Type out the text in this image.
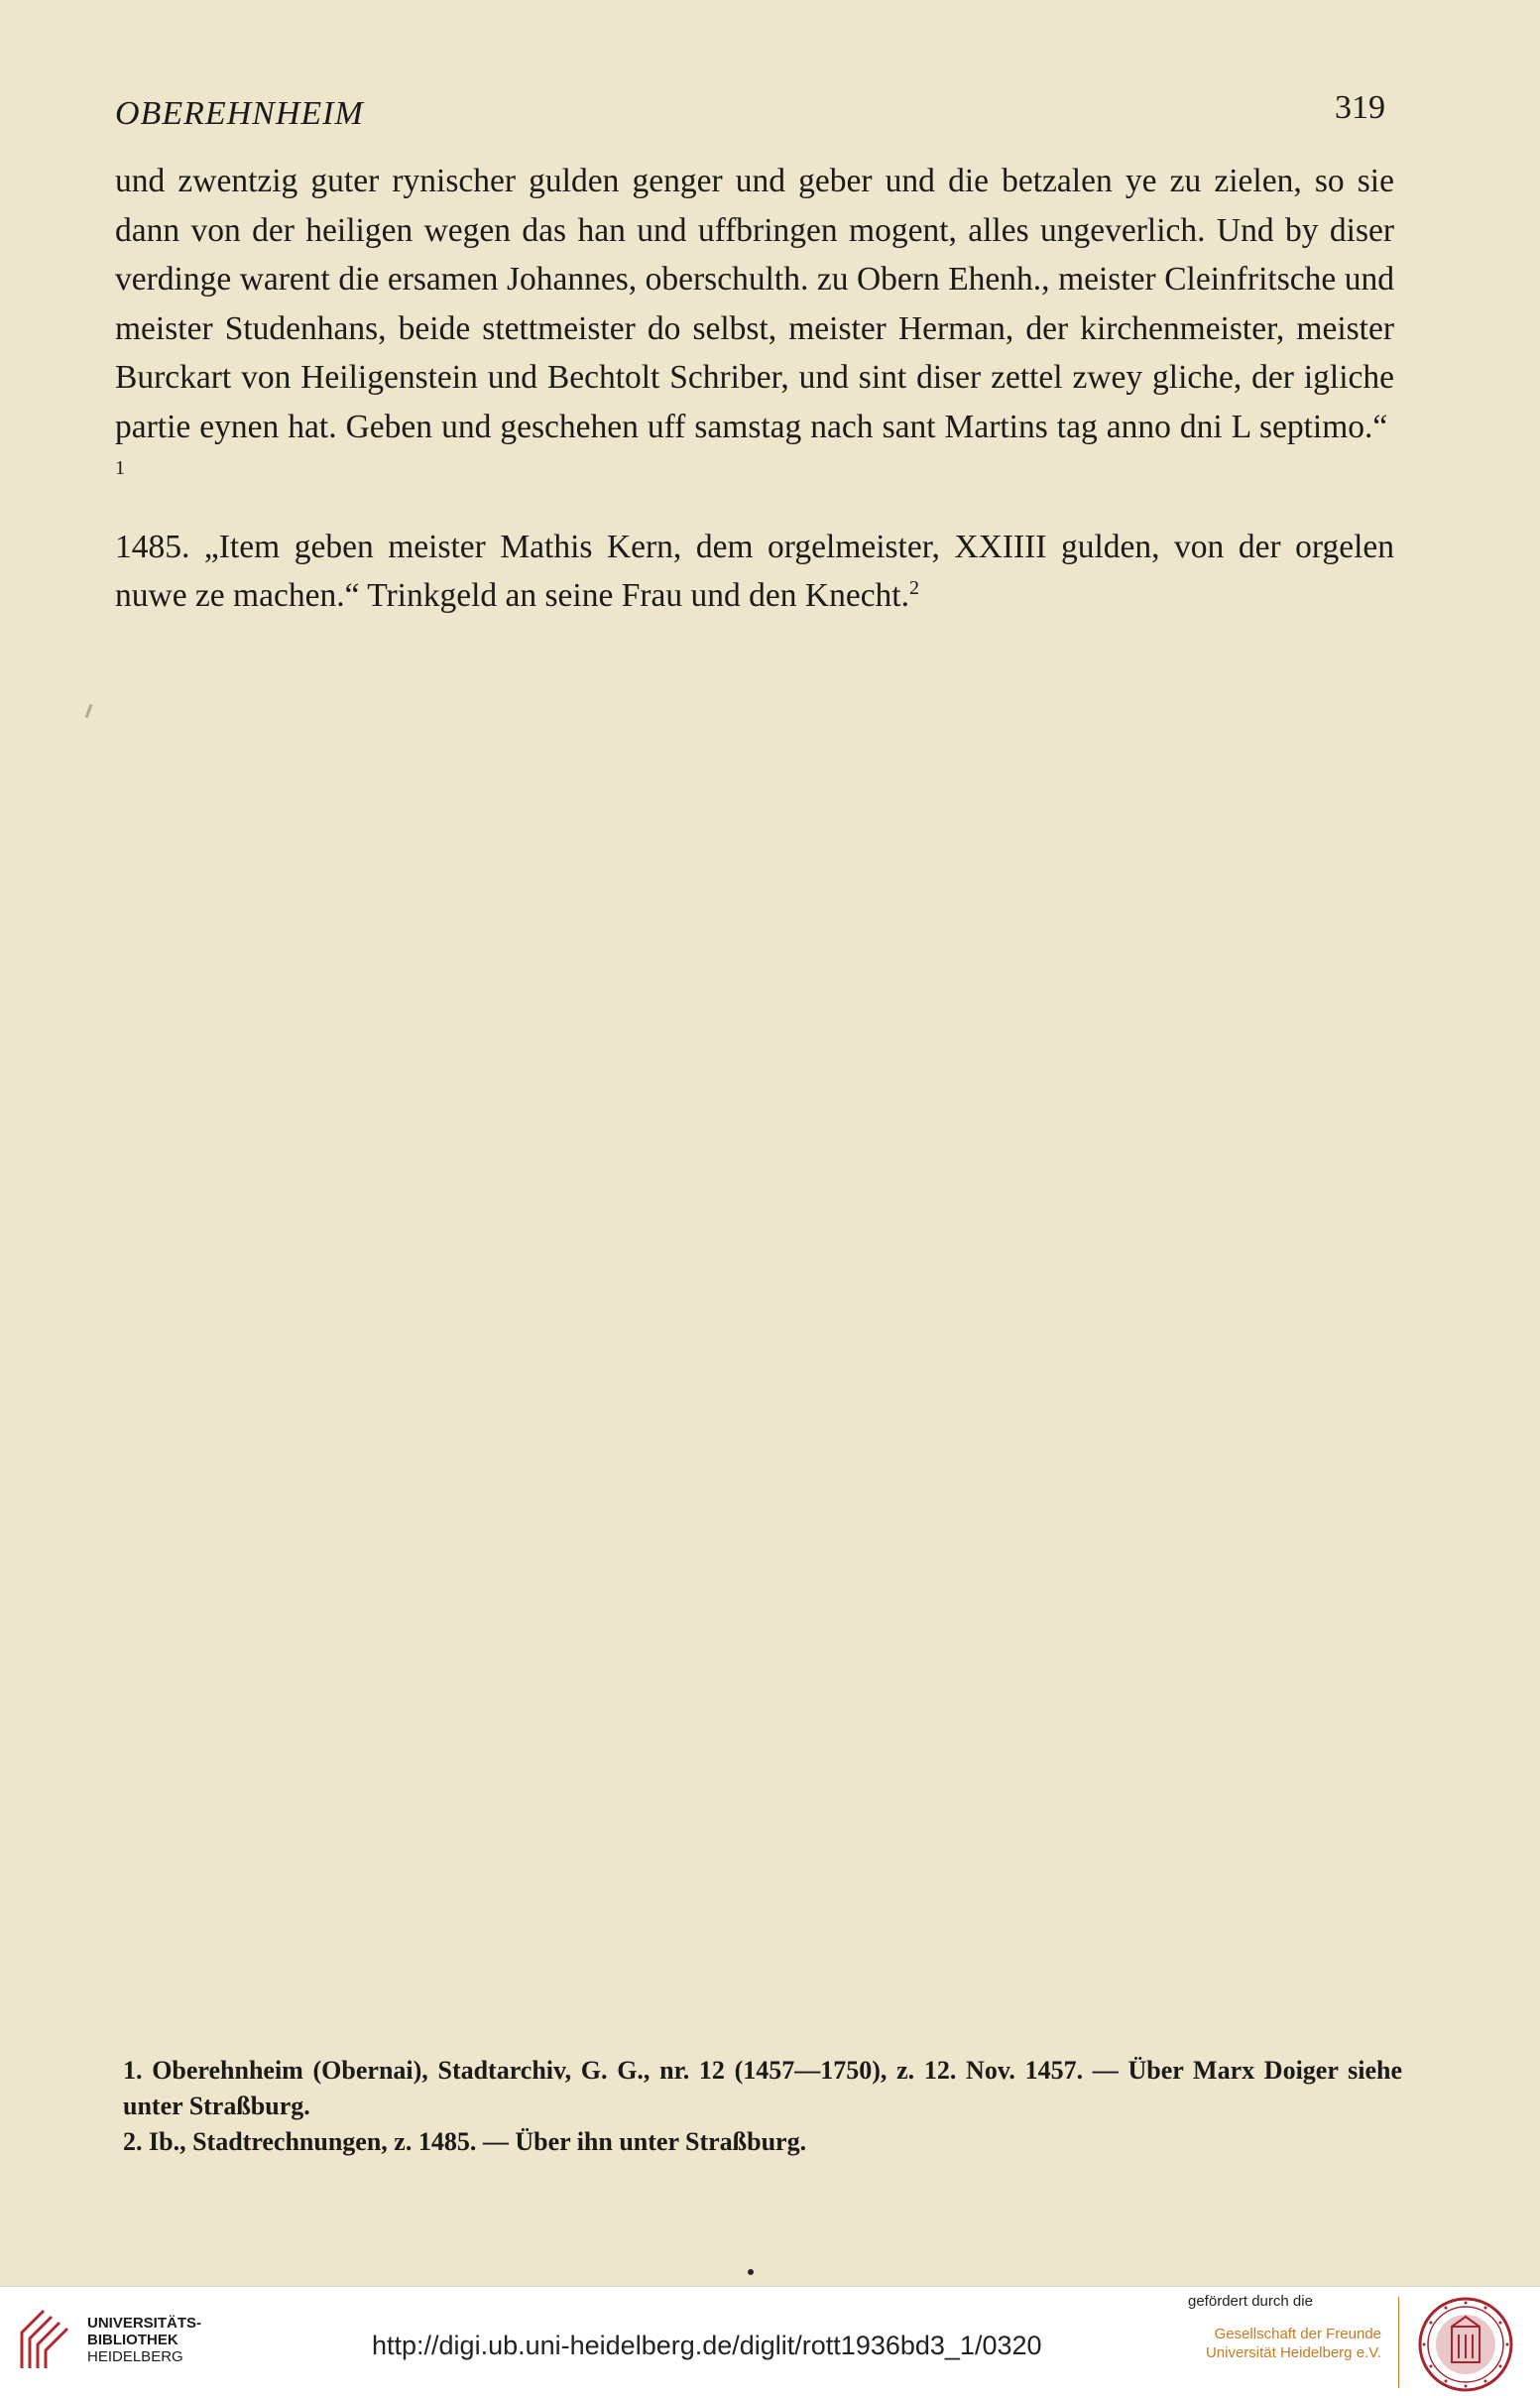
OBEREHNHEIM	319

und zwentzig guter rynischer gulden genger und geber und die betzalen ye zu zielen, so sie dann von der heiligen wegen das han und uffbringen mogent, alles ungeverlich. Und by diser verdinge warent die ersamen Johannes, oberschulth. zu Obern Ehenh., meister Cleinfritsche und meister Studenhans, beide stettmeister do selbst, meister Herman, der kirchenmeister, meister Burckart von Heiligenstein und Bechtolt Schriber, und sint diser zettel zwey gliche, der igliche partie eynen hat. Geben und geschehen uff samstag nach sant Martins tag anno dni L septimo.“ $^1$

1485. „Item geben meister Mathis Kern, dem orgelmeister, XXIIII gulden, von der orgelen nuwe ze machen.“ Trinkgeld an seine Frau und den Knecht.$^2$

1. Oberehnheim (Obernai), Stadtarchiv, G. G., nr. 12 (1457—1750), z. 12. Nov. 1457. — Über Marx Doiger siehe unter Straßburg.

2. Ib., Stadtrechnungen, z. 1485. — Über ihn unter Straßburg.

UNIVERSITÄTS-
BIBLIOTHEK
HEIDELBERG	http://digi.ub.uni-heidelberg.de/diglit/rott1936bd3_1/0320
gefördert durch die
Gesellschaft der Freunde
Universität Heidelberg e.V.
